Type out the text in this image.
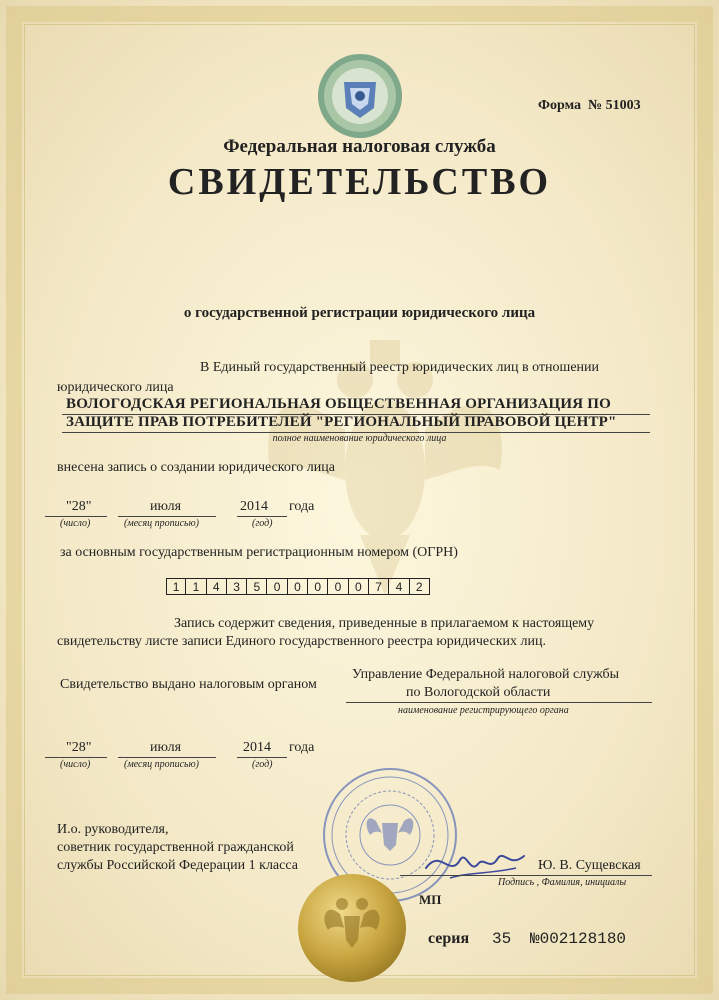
Форма № 51003
Федеральная налоговая служба
СВИДЕТЕЛЬСТВО
о государственной регистрации юридического лица
В Единый государственный реестр юридических лиц в отношении
юридического лица
ВОЛОГОДСКАЯ РЕГИОНАЛЬНАЯ ОБЩЕСТВЕННАЯ ОРГАНИЗАЦИЯ ПО
ЗАЩИТЕ ПРАВ ПОТРЕБИТЕЛЕЙ "РЕГИОНАЛЬНЫЙ ПРАВОВОЙ ЦЕНТР"
полное наименование юридического лица
внесена запись о создании юридического лица
"28"	июля	2014 года
(число)	(месяц прописью)	(год)
за основным государственным регистрационным номером (ОГРН)
1	1	4	3	5	0	0	0	0	0	7	4	2
Запись содержит сведения, приведенные в прилагаемом к настоящему
свидетельству листе записи Единого государственного реестра юридических лиц.
Свидетельство выдано налоговым органом
Управление Федеральной налоговой службы
по Вологодской области
наименование регистрирующего органа
"28"	июля	2014 года
(число)	(месяц прописью)	(год)
И.о. руководителя,
советник государственной гражданской
службы Российской Федерации 1 класса	Ю. В. Сущевская
Подпись , Фамилия, инициалы
МП
серия 35 №002128180
